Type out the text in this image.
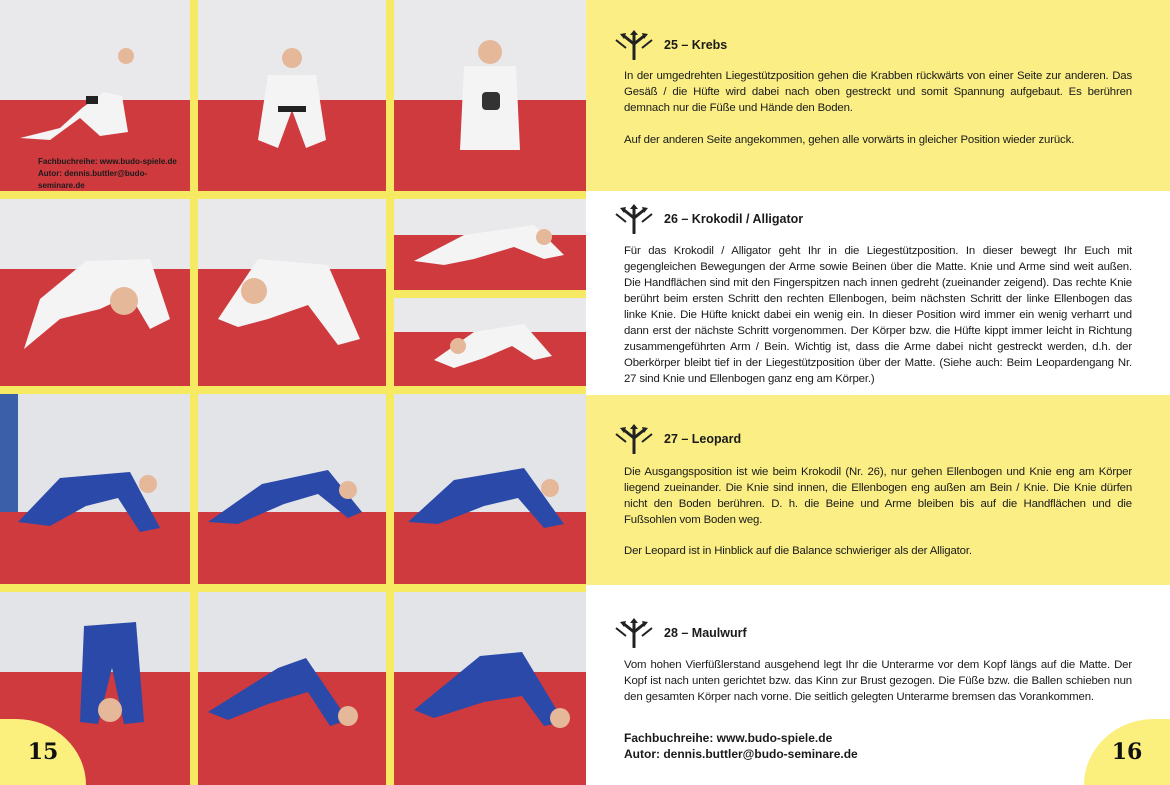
Fachbuchreihe: www.budo-spiele.de
Autor: dennis.buttler@budo-seminare.de
15
25 – Krebs

In der umgedrehten Liegestützposition gehen die Krabben rückwärts von einer Seite zur anderen. Das Gesäß / die Hüfte wird dabei nach oben gestreckt und somit Spannung aufgebaut. Es berühren demnach nur die Füße und Hände den Boden.

Auf der anderen Seite angekommen, gehen alle vorwärts in gleicher Position wieder zurück.

26 – Krokodil / Alligator

Für das Krokodil / Alligator geht Ihr in die Liegestützposition. In dieser bewegt Ihr Euch mit gegengleichen Bewegungen der Arme sowie Beinen über die Matte. Knie und Arme sind weit außen. Die Handflächen sind mit den Fingerspitzen nach innen gedreht (zueinander zeigend). Das rechte Knie berührt beim ersten Schritt den rechten Ellenbogen, beim nächsten Schritt der linke Ellenbogen das linke Knie. Die Hüfte knickt dabei ein wenig ein. In dieser Position wird immer ein wenig verharrt und dann erst der nächste Schritt vorgenommen. Der Körper bzw. die Hüfte kippt immer leicht in Richtung zusammengeführten Arm / Bein. Wichtig ist, dass die Arme dabei nicht gestreckt werden, d.h. der Oberkörper bleibt tief in der Liegestützposition über der Matte. (Siehe auch: Beim Leopardengang Nr. 27 sind Knie und Ellenbogen ganz eng am Körper.)

27 – Leopard

Die Ausgangsposition ist wie beim Krokodil (Nr. 26), nur gehen Ellenbogen und Knie eng am Körper liegend zueinander. Die Knie sind innen, die Ellenbogen eng außen am Bein / Knie. Die Knie dürfen nicht den Boden berühren. D. h. die Beine und Arme bleiben bis auf die Handflächen und die Fußsohlen vom Boden weg.

Der Leopard ist in Hinblick auf die Balance schwieriger als der Alligator.

28 – Maulwurf

Vom hohen Vierfüßlerstand ausgehend legt Ihr die Unterarme vor dem Kopf längs auf die Matte. Der Kopf ist nach unten gerichtet bzw. das Kinn zur Brust gezogen. Die Füße bzw. die Ballen schieben nun den gesamten Körper nach vorne. Die seitlich gelegten Unterarme bremsen das Vorankommen.

Fachbuchreihe: www.budo-spiele.de
Autor: dennis.buttler@budo-seminare.de	16
